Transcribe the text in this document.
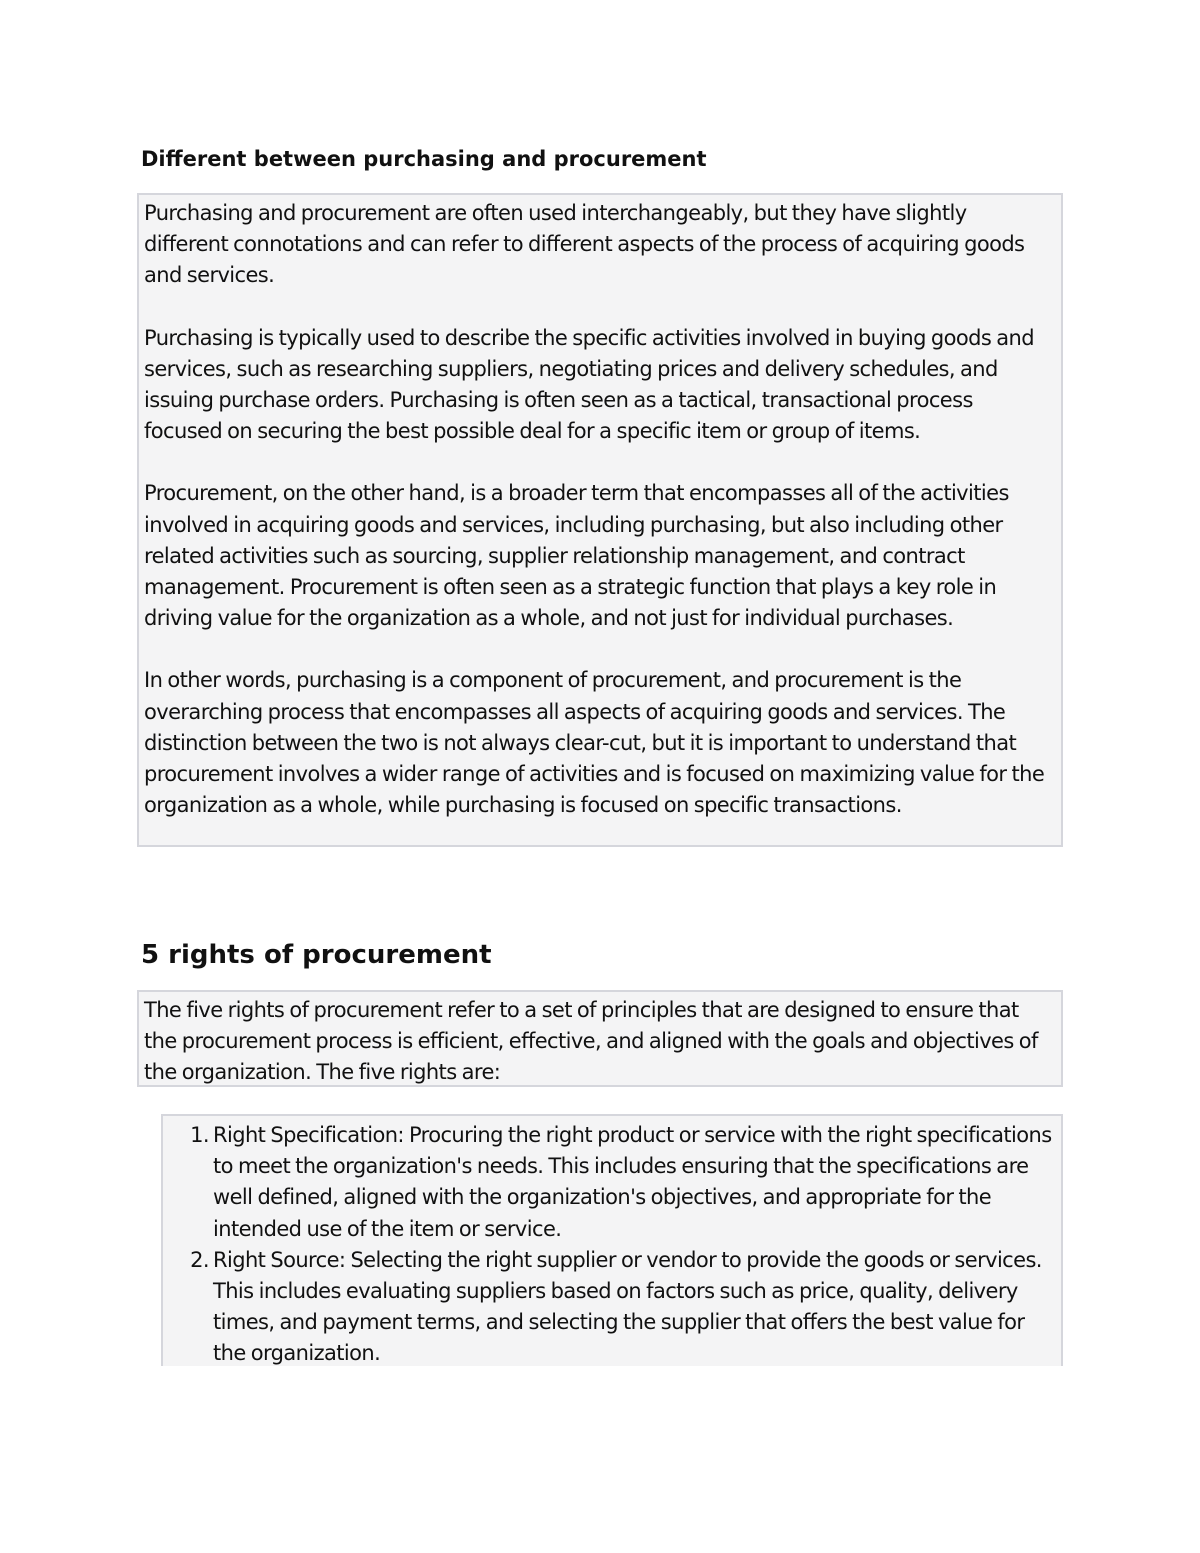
Different between purchasing and procurement

Purchasing and procurement are often used interchangeably, but they have slightly different connotations and can refer to different aspects of the process of acquiring goods and services.

Purchasing is typically used to describe the specific activities involved in buying goods and services, such as researching suppliers, negotiating prices and delivery schedules, and issuing purchase orders. Purchasing is often seen as a tactical, transactional process focused on securing the best possible deal for a specific item or group of items.

Procurement, on the other hand, is a broader term that encompasses all of the activities involved in acquiring goods and services, including purchasing, but also including other related activities such as sourcing, supplier relationship management, and contract management. Procurement is often seen as a strategic function that plays a key role in driving value for the organization as a whole, and not just for individual purchases.

In other words, purchasing is a component of procurement, and procurement is the overarching process that encompasses all aspects of acquiring goods and services. The distinction between the two is not always clear-cut, but it is important to understand that procurement involves a wider range of activities and is focused on maximizing value for the organization as a whole, while purchasing is focused on specific transactions.

5 rights of procurement

The five rights of procurement refer to a set of principles that are designed to ensure that the procurement process is efficient, effective, and aligned with the goals and objectives of the organization. The five rights are:

1. Right Specification: Procuring the right product or service with the right specifications to meet the organization's needs. This includes ensuring that the specifications are well defined, aligned with the organization's objectives, and appropriate for the intended use of the item or service.
2. Right Source: Selecting the right supplier or vendor to provide the goods or services. This includes evaluating suppliers based on factors such as price, quality, delivery times, and payment terms, and selecting the supplier that offers the best value for the organization.
